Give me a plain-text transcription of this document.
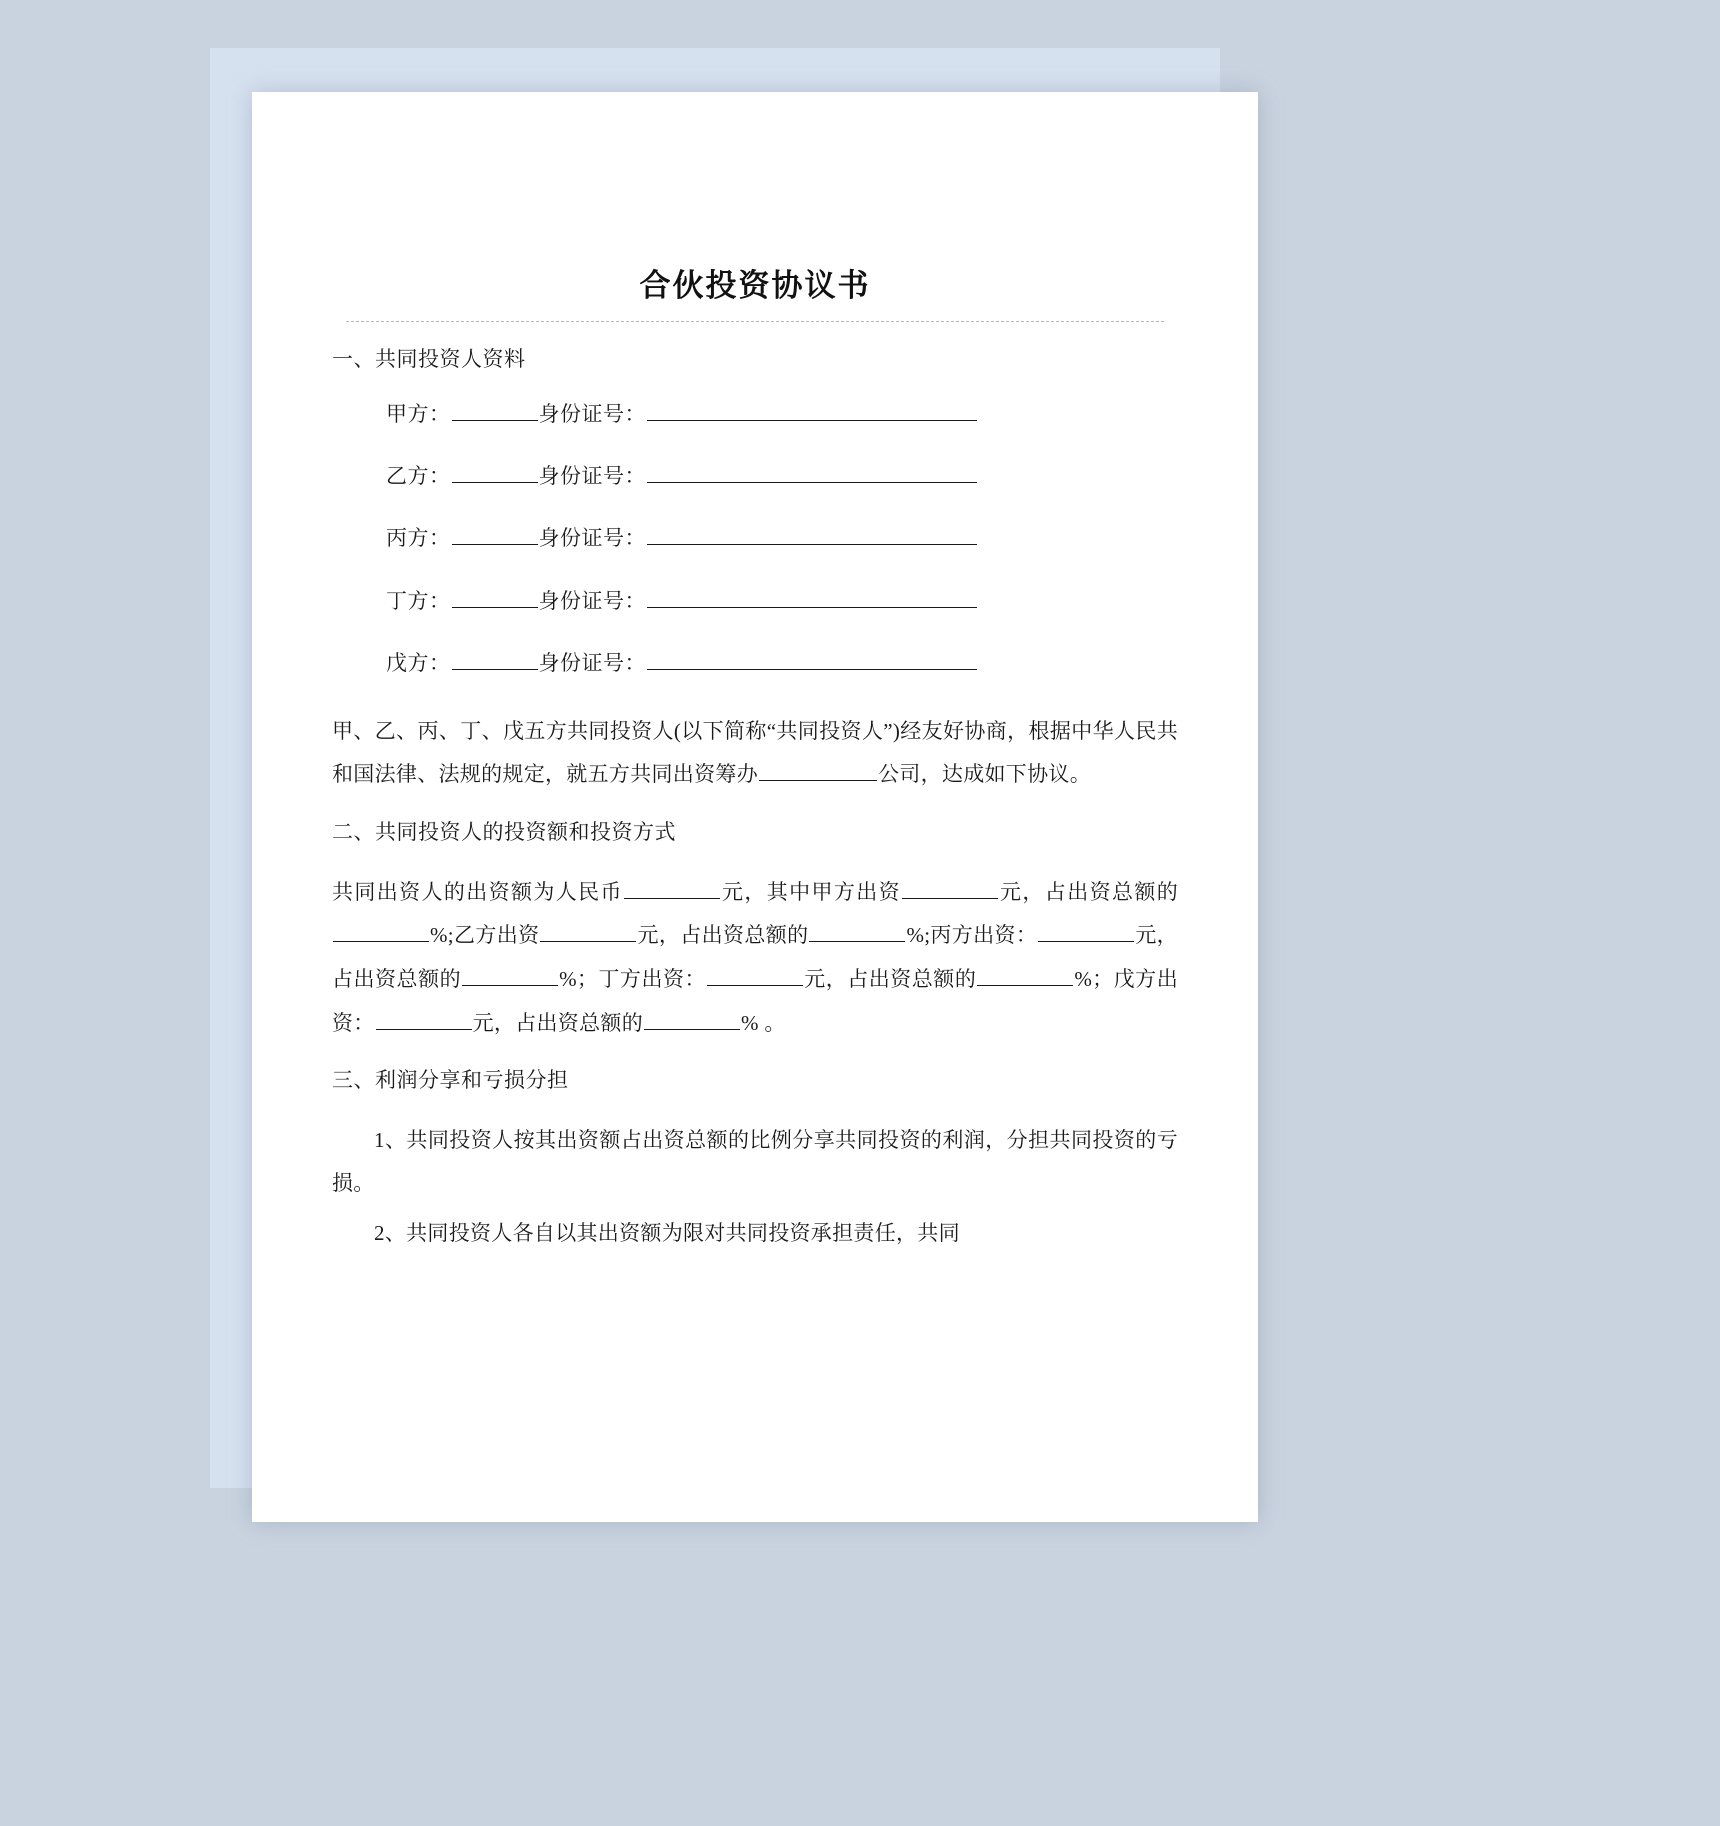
合伙投资协议书
一、共同投资人资料
甲方：	身份证号：
乙方：	身份证号：
丙方：	身份证号：
丁方：	身份证号：
戊方：	身份证号：
甲、乙、丙、丁、戊五方共同投资人(以下简称“共同投资人”)经友好协商，根据中华人民共和国法律、法规的规定，就五方共同出资筹办	公司，达成如下协议。
二、共同投资人的投资额和投资方式
共同出资人的出资额为人民币	元，其中甲方出资	元，占出资总额的%;乙方出资	元，占出资总额的	%;丙方出资：	元，占出资总额的	%；丁方出资：	元，占出资总额的	%；戊方出资：	元，占出资总额的	% 。
三、利润分享和亏损分担

1、共同投资人按其出资额占出资总额的比例分享共同投资的利润，分担共同投资的亏损。

2、共同投资人各自以其出资额为限对共同投资承担责任，共同
